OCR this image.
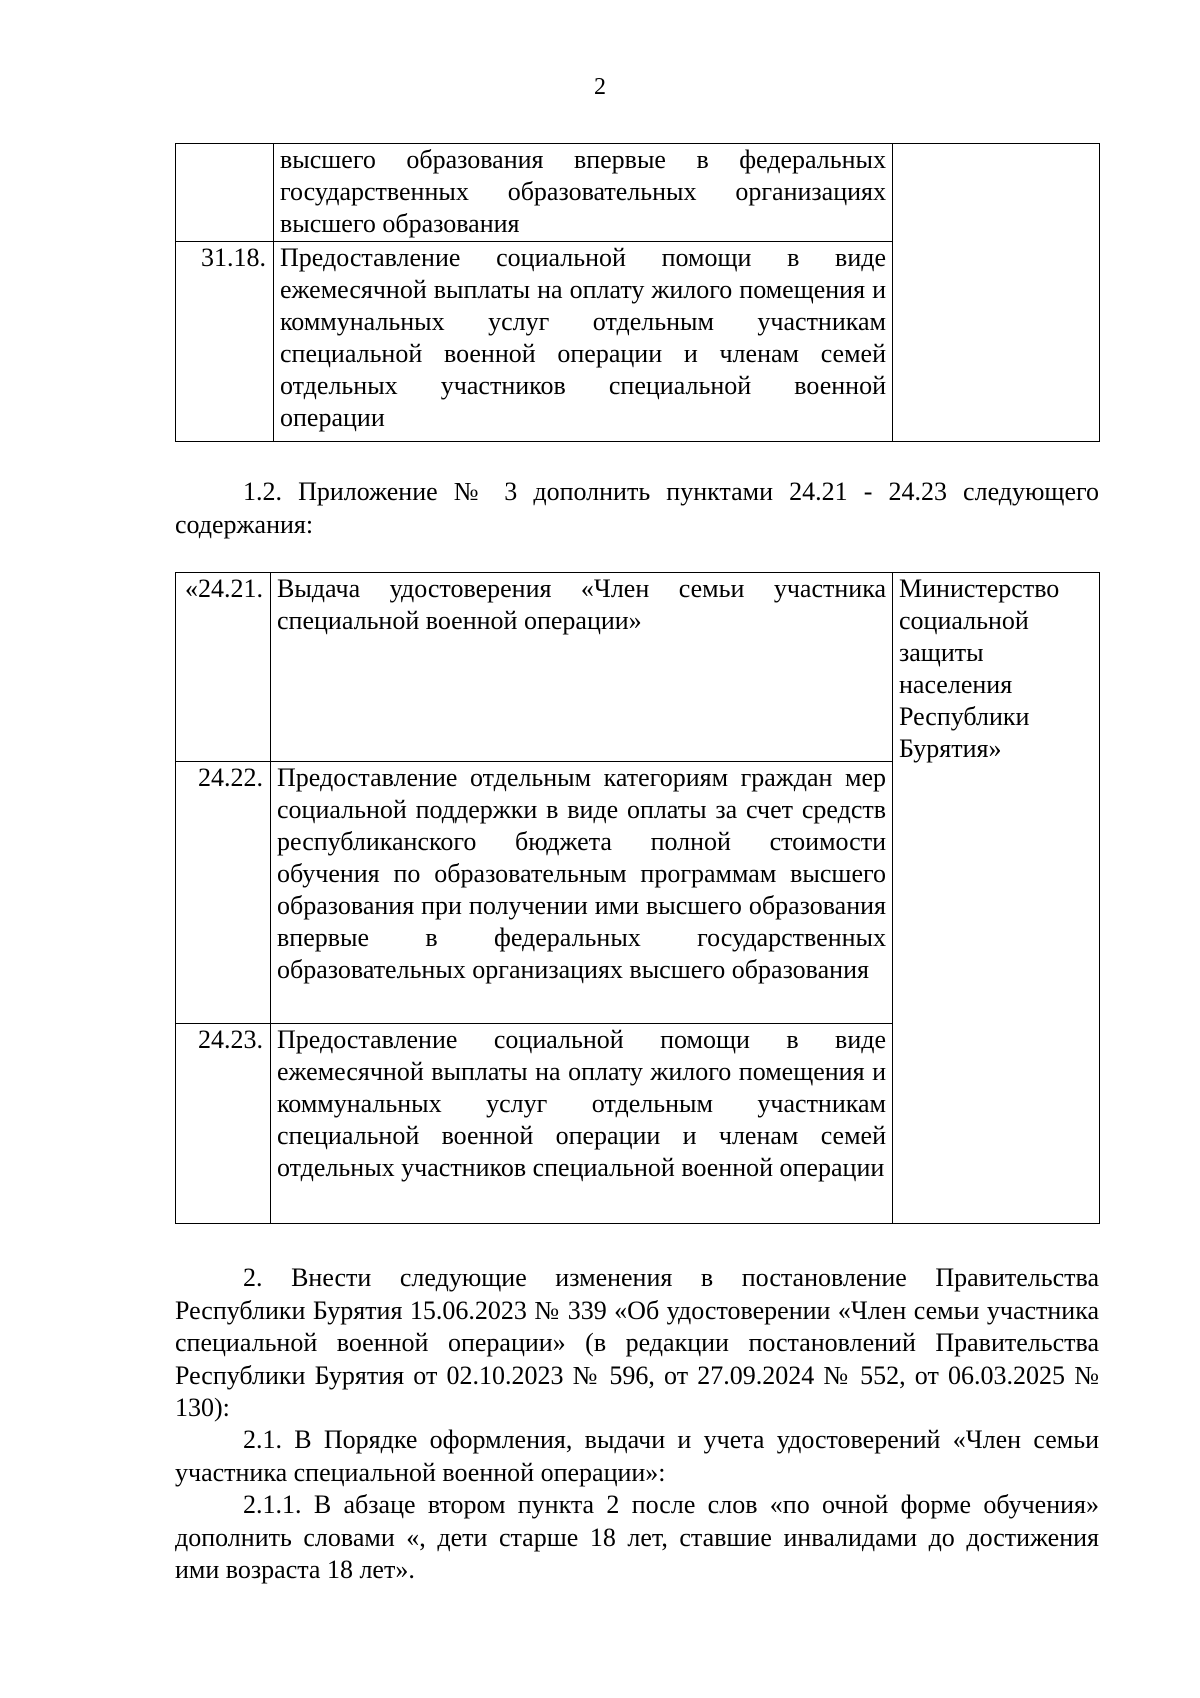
2
	высшего образования впервые в федеральных государственных образовательных организациях высшего образования	
31.18.	Предоставление социальной помощи в виде ежемесячной выплаты на оплату жилого помещения и коммунальных услуг отдельным участникам специальной военной операции и членам семей отдельных участников специальной военной операции	
1.2. Приложение № 3 дополнить пунктами 24.21 - 24.23 следующего содержания:
«24.21.	Выдача удостоверения «Член семьи участника специальной военной операции»	Министерство социальной защиты населения Республики Бурятия»
24.22.	Предоставление отдельным категориям граждан мер социальной поддержки в виде оплаты за счет средств республиканского бюджета полной стоимости обучения по образовательным программам высшего образования при получении ими высшего образования впервые в федеральных государственных образовательных организациях высшего образования	
24.23.	Предоставление социальной помощи в виде ежемесячной выплаты на оплату жилого помещения и коммунальных услуг отдельным участникам специальной военной операции и членам семей отдельных участников специальной военной операции	
2. Внести следующие изменения в постановление Правительства Республики Бурятия 15.06.2023 № 339 «Об удостоверении «Член семьи участника специальной военной операции» (в редакции постановлений Правительства Республики Бурятия от 02.10.2023 № 596, от 27.09.2024 № 552, от 06.03.2025 № 130):
2.1. В Порядке оформления, выдачи и учета удостоверений «Член семьи участника специальной военной операции»:
2.1.1. В абзаце втором пункта 2 после слов «по очной форме обучения» дополнить словами «, дети старше 18 лет, ставшие инвалидами до достижения ими возраста 18 лет».
